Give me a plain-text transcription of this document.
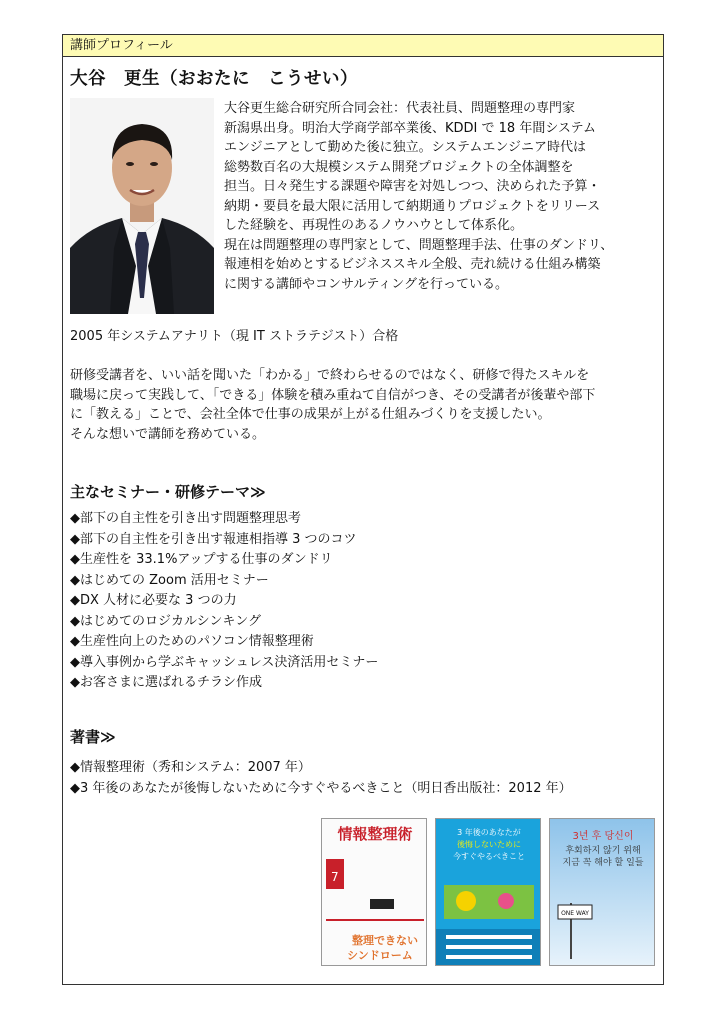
講師プロフィール
大谷　更生（おおたに　こうせい）
大谷更生総合研究所合同会社：代表社員、問題整理の専門家
新潟県出身。明治大学商学部卒業後、KDDI で 18 年間システム
エンジニアとして勤めた後に独立。システムエンジニア時代は
総勢数百名の大規模システム開発プロジェクトの全体調整を
担当。日々発生する課題や障害を対処しつつ、決められた予算・
納期・要員を最大限に活用して納期通りプロジェクトをリリース
した経験を、再現性のあるノウハウとして体系化。
現在は問題整理の専門家として、問題整理手法、仕事のダンドリ、
報連相を始めとするビジネススキル全般、売れ続ける仕組み構築
に関する講師やコンサルティングを行っている。
2005 年システムアナリト（現 IT ストラテジスト）合格
研修受講者を、いい話を聞いた「わかる」で終わらせるのではなく、研修で得たスキルを
職場に戻って実践して、「できる」体験を積み重ねて自信がつき、その受講者が後輩や部下
に「教える」ことで、会社全体で仕事の成果が上がる仕組みづくりを支援したい。
そんな想いで講師を務めている。
主なセミナー・研修テーマ≫
◆部下の自主性を引き出す問題整理思考
◆部下の自主性を引き出す報連相指導 3 つのコツ
◆生産性を 33.1%アップする仕事のダンドリ
◆はじめての Zoom 活用セミナー
◆DX 人材に必要な 3 つの力
◆はじめてのロジカルシンキング
◆生産性向上のためのパソコン情報整理術
◆導入事例から学ぶキャッシュレス決済活用セミナー
◆お客さまに選ばれるチラシ作成
著書≫
◆情報整理術（秀和システム：2007 年）
◆3 年後のあなたが後悔しないために今すぐやるべきこと（明日香出版社：2012 年）
情報整理術
7
整理できない
シンドローム
3 年後のあなたが
後悔しないために
今すぐやるべきこと
3년 후 당신이
후회하지 않기 위해
지금 꼭 해야 할 일들
ONE WAY
